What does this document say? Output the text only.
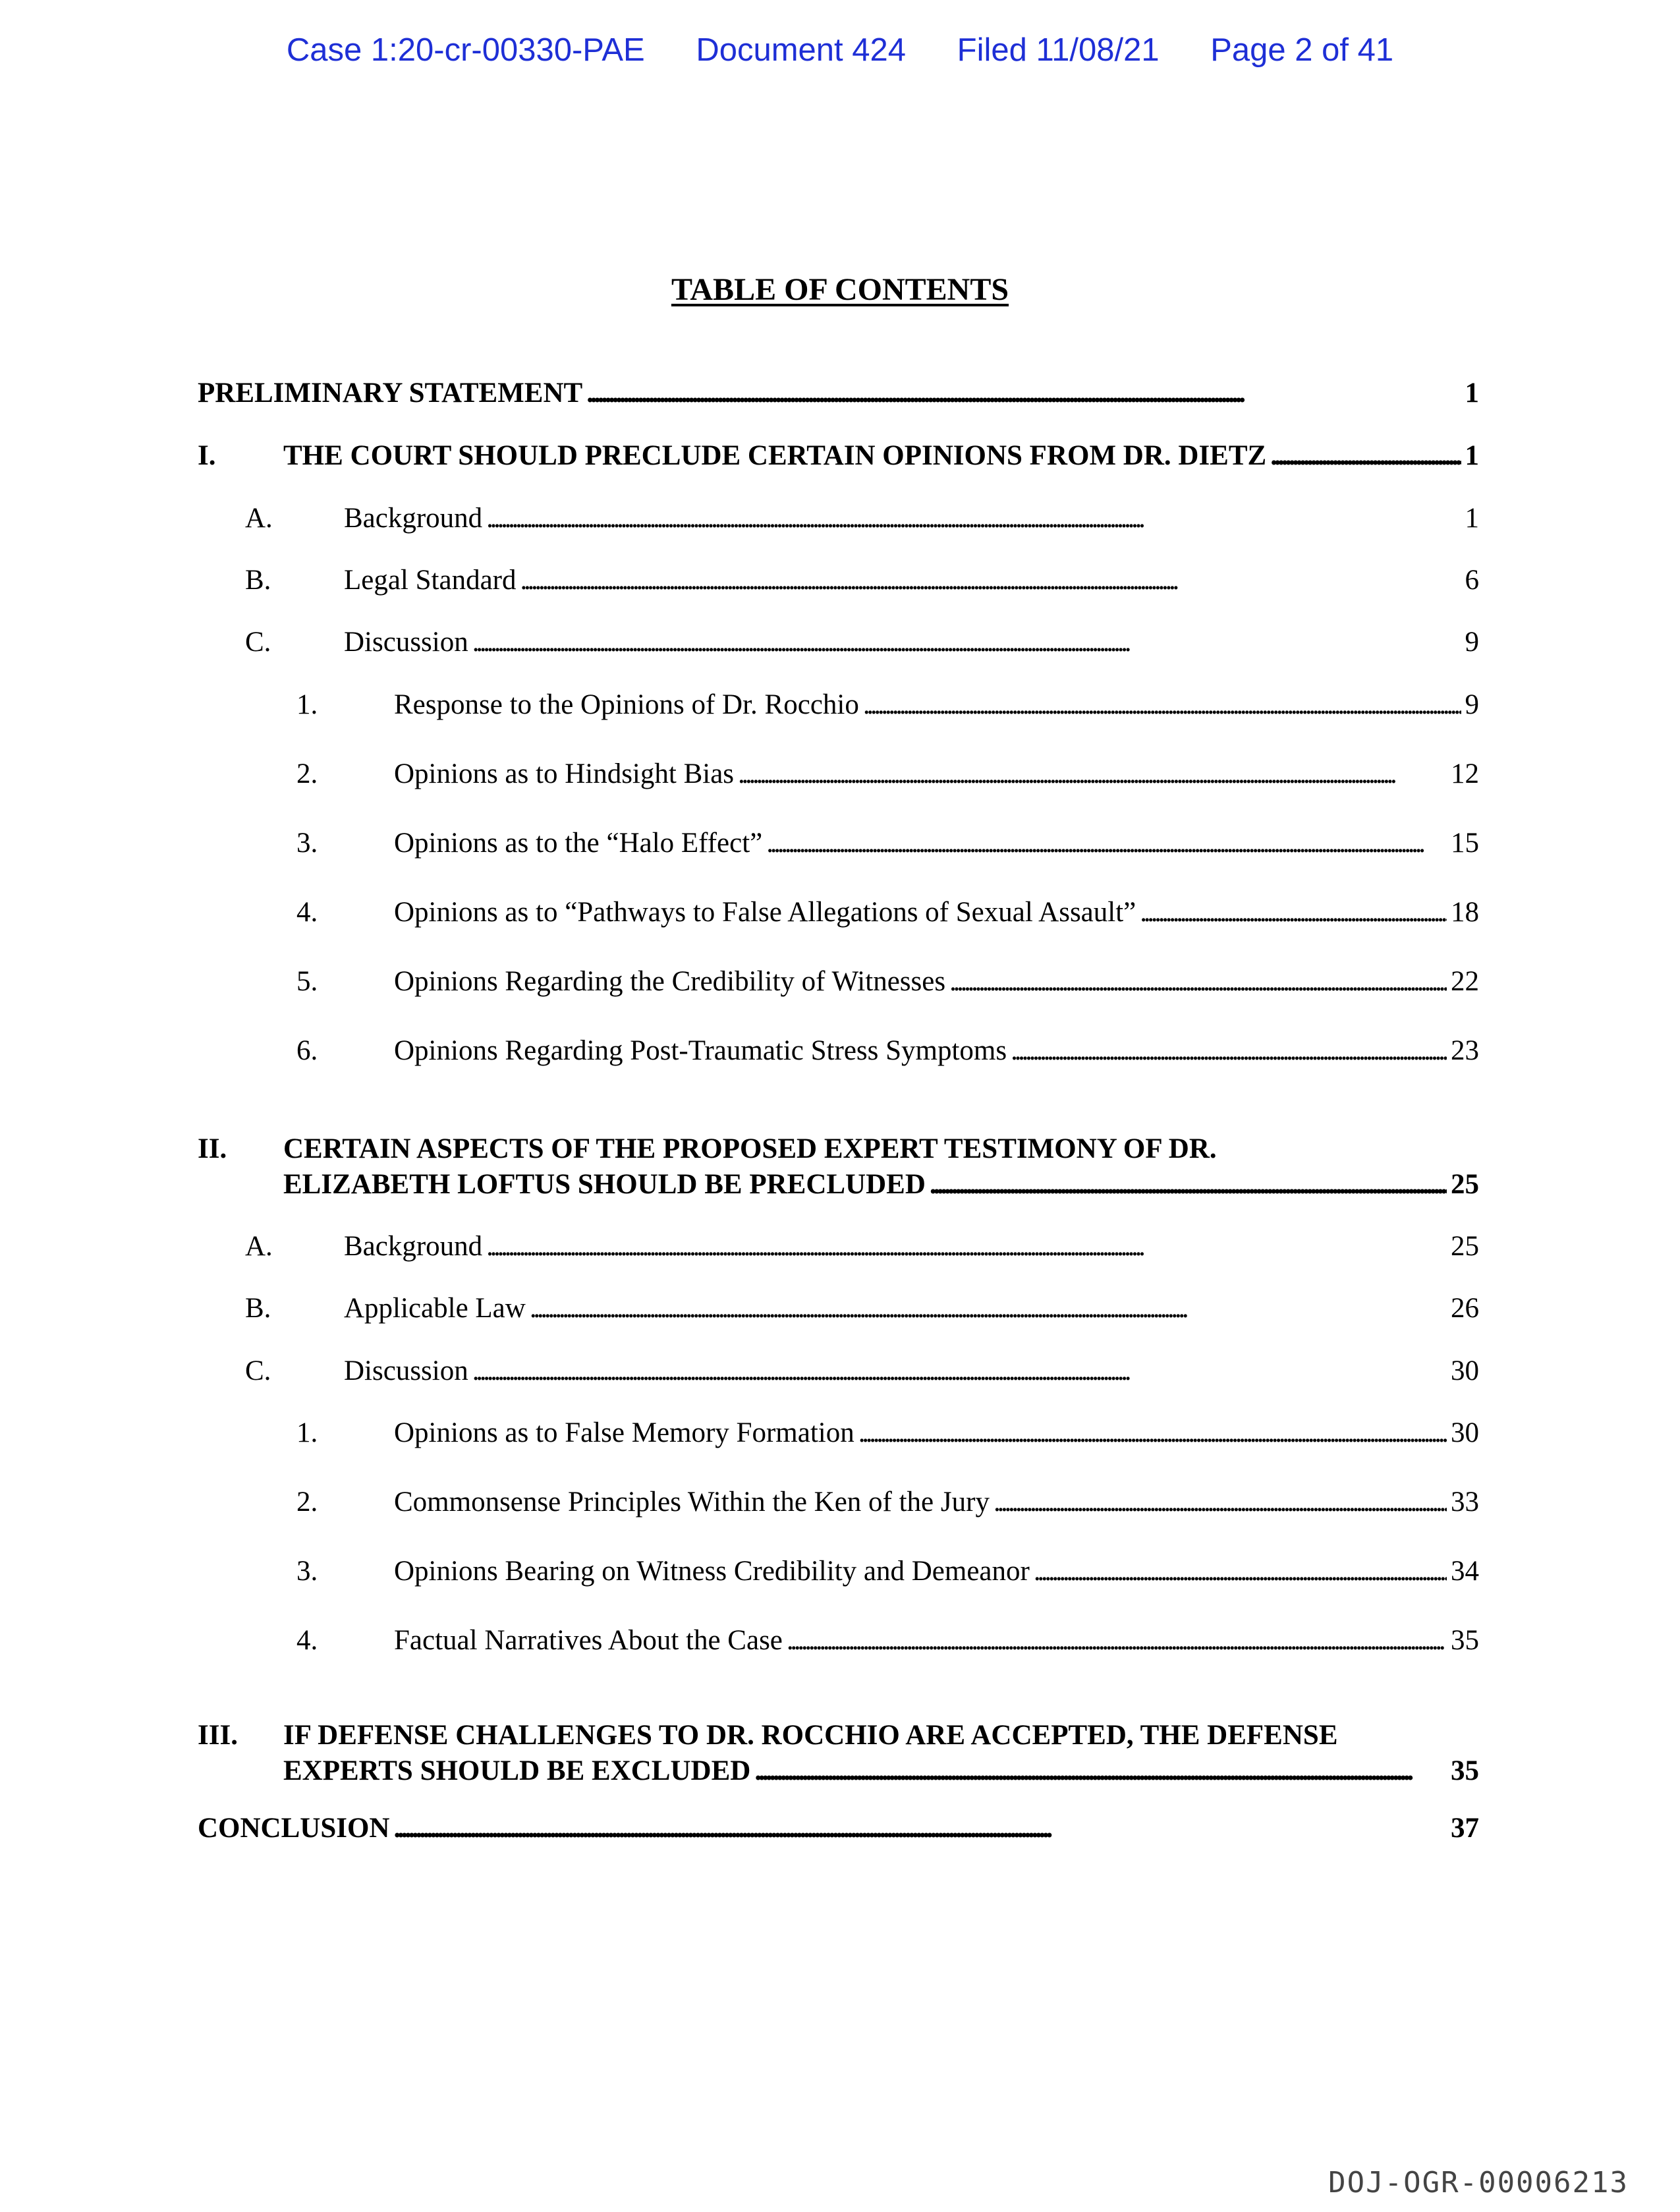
Case 1:20-cr-00330-PAE Document 424 Filed 11/08/21 Page 2 of 41
TABLE OF CONTENTS
PRELIMINARY STATEMENT . . .	1
I. THE COURT SHOULD PRECLUDE CERTAIN OPINIONS FROM DR. DIETZ . . .	1
A.	Background . . .	1
B.	Legal Standard . . .	6
C.	Discussion . . .	9
1.	Response to the Opinions of Dr. Rocchio . . .	9
2.	Opinions as to Hindsight Bias . . .	12
3.	Opinions as to the “Halo Effect” . . .	15
4.	Opinions as to “Pathways to False Allegations of Sexual Assault” . . .	18
5.	Opinions Regarding the Credibility of Witnesses . . .	22
6.	Opinions Regarding Post-Traumatic Stress Symptoms . . .	23
II. CERTAIN ASPECTS OF THE PROPOSED EXPERT TESTIMONY OF DR.
ELIZABETH LOFTUS SHOULD BE PRECLUDED . . .	25
A.	Background . . .	25
B.	Applicable Law . . .	26
C.	Discussion . . .	30
1.	Opinions as to False Memory Formation . . .	30
2.	Commonsense Principles Within the Ken of the Jury . . .	33
3.	Opinions Bearing on Witness Credibility and Demeanor . . .	34
4.	Factual Narratives About the Case . . .	35
III. IF DEFENSE CHALLENGES TO DR. ROCCHIO ARE ACCEPTED, THE DEFENSE
EXPERTS SHOULD BE EXCLUDED . . .	35
CONCLUSION . . .	37
DOJ-OGR-00006213
